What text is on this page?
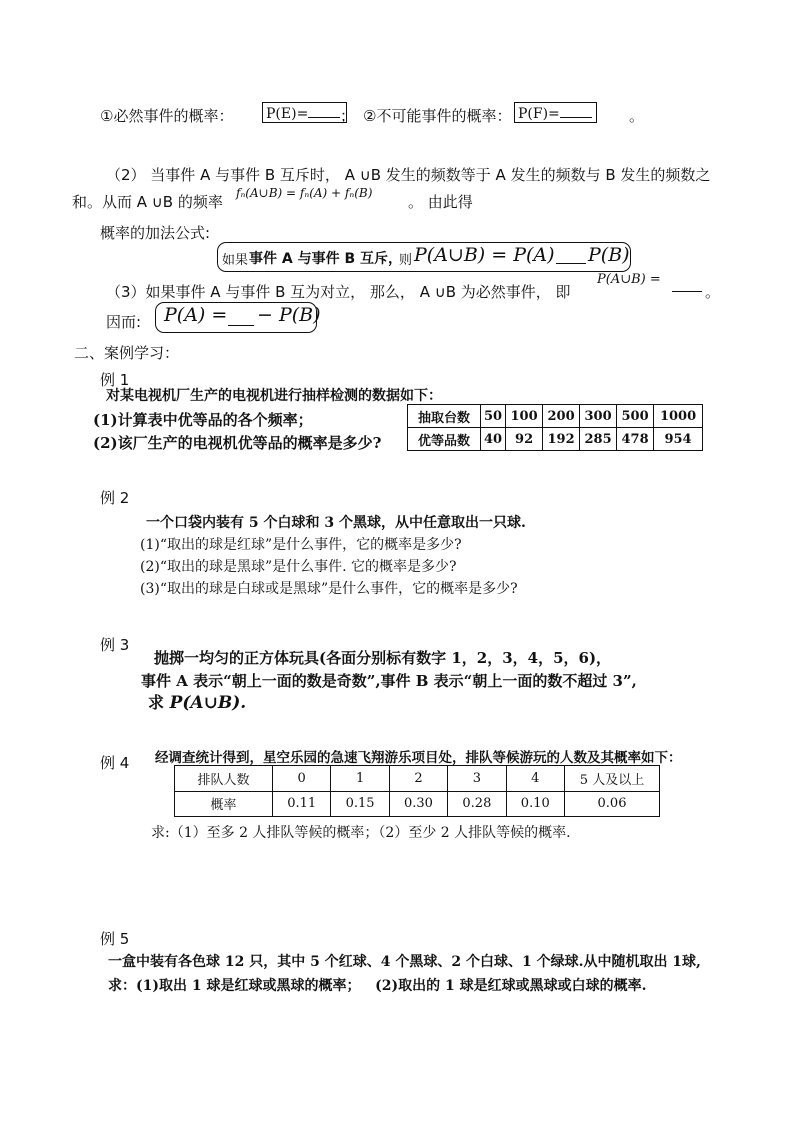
①必然事件的概率： P(E)=	； ②不可能事件的概率： P(F)=	。
（2） 当事件 A 与事件 B 互斥时， A ∪B 发生的频数等于 A 发生的频数与 B 发生的频数之
和。从而 A ∪B 的频率 fₙ(A∪B) = fₙ(A) + fₙ(B) 。 由此得
概率的加法公式:
如果 事件 A 与事件 B 互斥，
则 P(A∪B) = P(A) P(B)
（3）如果事件 A 与事件 B 互为对立， 那么， A ∪B 为必然事件， 即
P(A∪B) =
。
因而: P(A) = − P(B)
二、案例学习：
例 1
对某电视机厂生产的电视机进行抽样检测的数据如下：
(1)计算表中优等品的各个频率；
(2)该厂生产的电视机优等品的概率是多少?
抽取台数	50	100	200	300	500	1000
优等品数	40	92	192	285	478	954
例 2
一个口袋内装有 5 个白球和 3 个黑球，从中任意取出一只球.
(1)“取出的球是红球”是什么事件，它的概率是多少?
(2)“取出的球是黑球”是什么事件. 它的概率是多少?
(3)“取出的球是白球或是黑球”是什么事件，它的概率是多少?
例 3
抛掷一均匀的正方体玩具(各面分别标有数字 1，2，3，4，5，6)，
事件 A 表示“朝上一面的数是奇数”,事件 B 表示“朝上一面的数不超过 3”,
求 P(A∪B).
例 4 经调查统计得到，星空乐园的急速飞翔游乐项目处，排队等候游玩的人数及其概率如下：
排队人数	0	1	2	3	4	5 人及以上
概率	0.11	0.15	0.30	0.28	0.10	0.06
求:（1）至多 2 人排队等候的概率；（2）至少 2 人排队等候的概率.
例 5
一盒中装有各色球 12 只，其中 5 个红球、4 个黑球、2 个白球、1 个绿球.从中随机取出 1球,
求：(1)取出 1 球是红球或黑球的概率；   (2)取出的 1 球是红球或黑球或白球的概率.
